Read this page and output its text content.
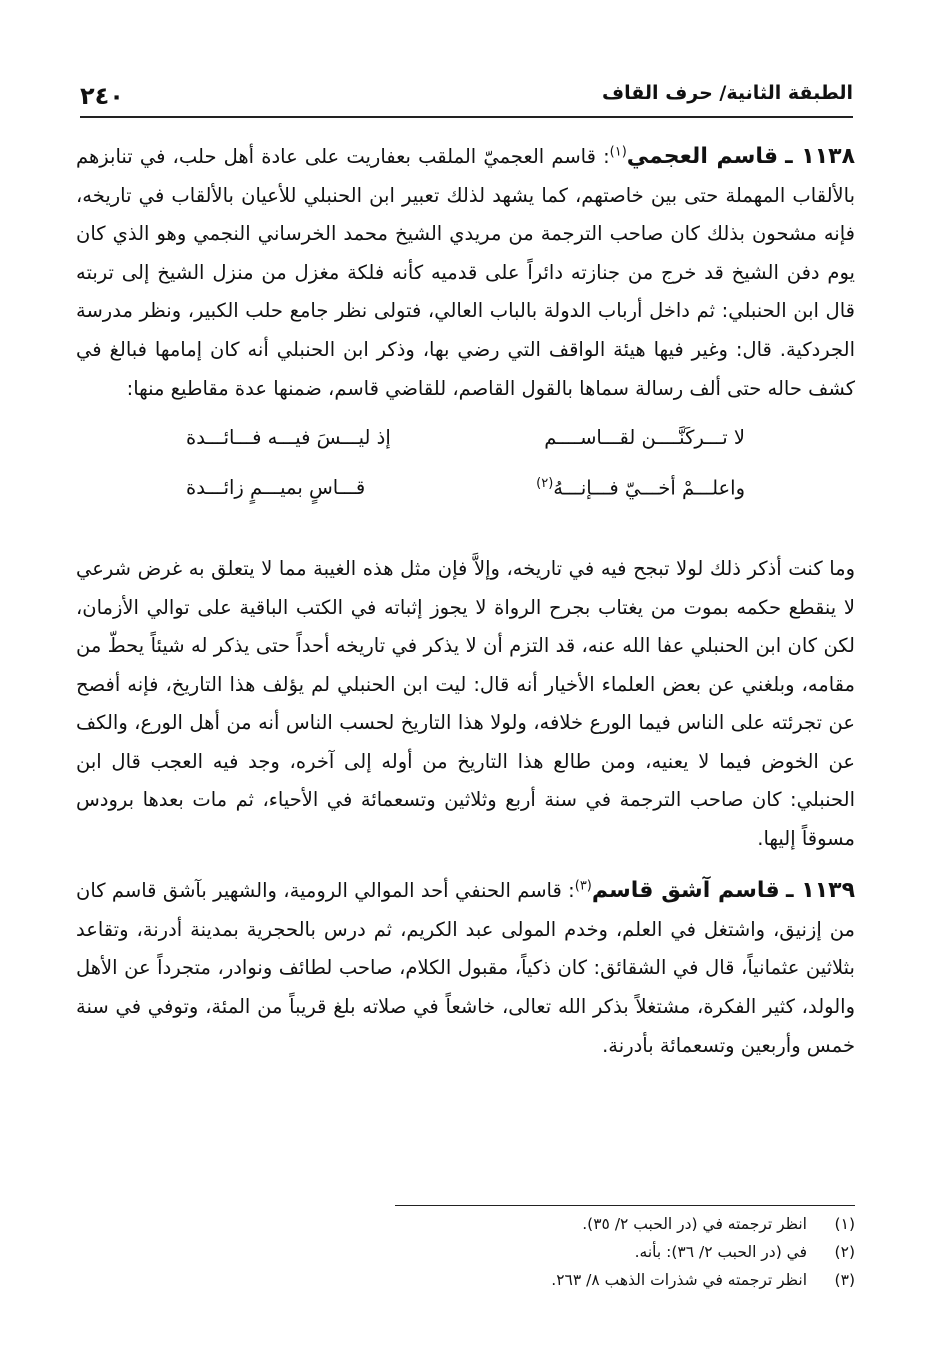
الطبقة الثانية/ حرف القاف
٢٤٠

١١٣٨ ـ قاسم العجمي$^{(١)}$: قاسم العجميّ الملقب بعفاريت على عادة أهل حلب، في تنابزهم بالألقاب المهملة حتى بين خاصتهم، كما يشهد لذلك تعبير ابن الحنبلي للأعيان بالألقاب في تاريخه، فإنه مشحون بذلك كان صاحب الترجمة من مريدي الشيخ محمد الخرساني النجمي وهو الذي كان يوم دفن الشيخ قد خرج من جنازته دائراً على قدميه كأنه فلكة مغزل من منزل الشيخ إلى تربته قال ابن الحنبلي: ثم داخل أرباب الدولة بالباب العالي، فتولى نظر جامع حلب الكبير، ونظر مدرسة الجردكية. قال: وغير فيها هيئة الواقف التي رضي بها، وذكر ابن الحنبلي أنه كان إمامها فبالغ في كشف حاله حتى ألف رسالة سماها بالقول القاصم، للقاضي قاسم، ضمنها عدة مقاطيع منها:

لا تـــركَنَّــــن لقـــاســــم
إذ ليـــسَ فيـــه فـــائـــدة
واعلـــمْ أخـــيّ فـــإنـــهُ$^{(٢)}$
قـــاسٍ بميـــمٍ زائـــدة

وما كنت أذكر ذلك لولا تبجح فيه في تاريخه، وإلاَّ فإن مثل هذه الغيبة مما لا يتعلق به غرض شرعي لا ينقطع حكمه بموت من يغتاب بجرح الرواة لا يجوز إثباته في الكتب الباقية على توالي الأزمان، لكن كان ابن الحنبلي عفا الله عنه، قد التزم أن لا يذكر في تاريخه أحداً حتى يذكر له شيئاً يحطّ من مقامه، وبلغني عن بعض العلماء الأخيار أنه قال: ليت ابن الحنبلي لم يؤلف هذا التاريخ، فإنه أفصح عن تجرئته على الناس فيما الورع خلافه، ولولا هذا التاريخ لحسب الناس أنه من أهل الورع، والكف عن الخوض فيما لا يعنيه، ومن طالع هذا التاريخ من أوله إلى آخره، وجد فيه العجب قال ابن الحنبلي: كان صاحب الترجمة في سنة أربع وثلاثين وتسعمائة في الأحياء، ثم مات بعدها برودس مسوقاً إليها.

١١٣٩ ـ قاسم آشق قاسم$^{(٣)}$: قاسم الحنفي أحد الموالي الرومية، والشهير بآشق قاسم كان من إزنيق، واشتغل في العلم، وخدم المولى عبد الكريم، ثم درس بالحجرية بمدينة أدرنة، وتقاعد بثلاثين عثمانياً، قال في الشقائق: كان ذكياً، مقبول الكلام، صاحب لطائف ونوادر، متجرداً عن الأهل والولد، كثير الفكرة، مشتغلاً بذكر الله تعالى، خاشعاً في صلاته بلغ قريباً من المئة، وتوفي في سنة خمس وأربعين وتسعمائة بأدرنة.

(١)
انظر ترجمته في (در الحبب ٢/ ٣٥).
(٢)
في (در الحبب ٢/ ٣٦): بأنه.
(٣)
انظر ترجمته في شذرات الذهب ٨/ ٢٦٣.
